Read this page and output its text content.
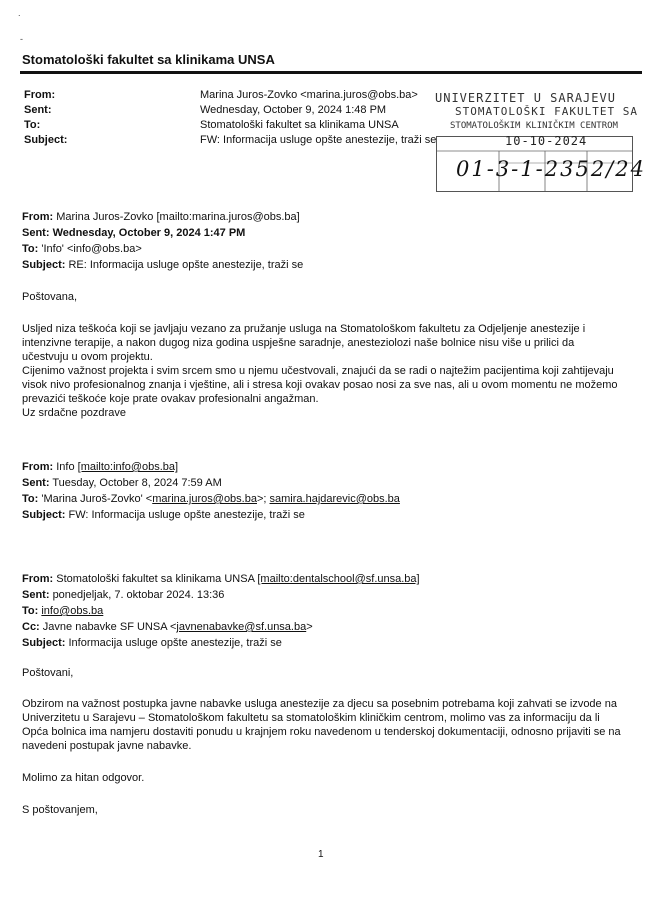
.
-
Stomatološki fakultet sa klinikama UNSA
From:	Marina Juros-Zovko <marina.juros@obs.ba>
Sent:	Wednesday, October 9, 2024 1:48 PM
To:	Stomatološki fakultet sa klinikama UNSA
Subject:	FW: Informacija usluge opšte anestezije, traži se
UNIVERZITET U SARAJEVU
STOMATOLOŠKI FAKULTET SA
STOMATOLOŠKIM KLINIČKIM CENTROM
10-10-2024
01-3-1-2352/24
From: Marina Juros-Zovko [mailto:marina.juros@obs.ba]
Sent: Wednesday, October 9, 2024 1:47 PM
To: 'Info' <info@obs.ba>
Subject: RE: Informacija usluge opšte anestezije, traži se
Poštovana,

Usljed niza teškoća koji se javljaju vezano za pružanje usluga na Stomatološkom fakultetu za Odjeljenje anestezije i intenzivne terapije, a nakon dugog niza godina uspješne saradnje, anesteziolozi naše bolnice nisu više u prilici da učestvuju u ovom projektu.

Cijenimo važnost projekta i svim srcem smo u njemu učestvovali, znajući da se radi o najtežim pacijentima koji zahtijevaju visok nivo profesionalnog znanja i vještine, ali i stresa koji ovakav posao nosi za sve nas, ali u ovom momentu ne možemo prevazići teškoće koje prate ovakav profesionalni angažman.

Uz srdačne pozdrave

From: Info [mailto:info@obs.ba]
Sent: Tuesday, October 8, 2024 7:59 AM
To: 'Marina Juroš-Zovko' <marina.juros@obs.ba>; samira.hajdarevic@obs.ba
Subject: FW: Informacija usluge opšte anestezije, traži se
From: Stomatološki fakultet sa klinikama UNSA [mailto:dentalschool@sf.unsa.ba]
Sent: ponedjeljak, 7. oktobar 2024. 13:36
To: info@obs.ba
Cc: Javne nabavke SF UNSA <javnenabavke@sf.unsa.ba>
Subject: Informacija usluge opšte anestezije, traži se
Poštovani,
Obzirom na važnost postupka javne nabavke usluga anestezije za djecu sa posebnim potrebama koji zahvati se izvode na Univerzitetu u Sarajevu – Stomatološkom fakultetu sa stomatološkim kliničkim centrom, molimo vas za informaciju da li Opća bolnica ima namjeru dostaviti ponudu u krajnjem roku navedenom u tenderskoj dokumentaciji, odnosno prijaviti se na navedeni postupak javne nabavke.
Molimo za hitan odgovor.
S poštovanjem,
1
